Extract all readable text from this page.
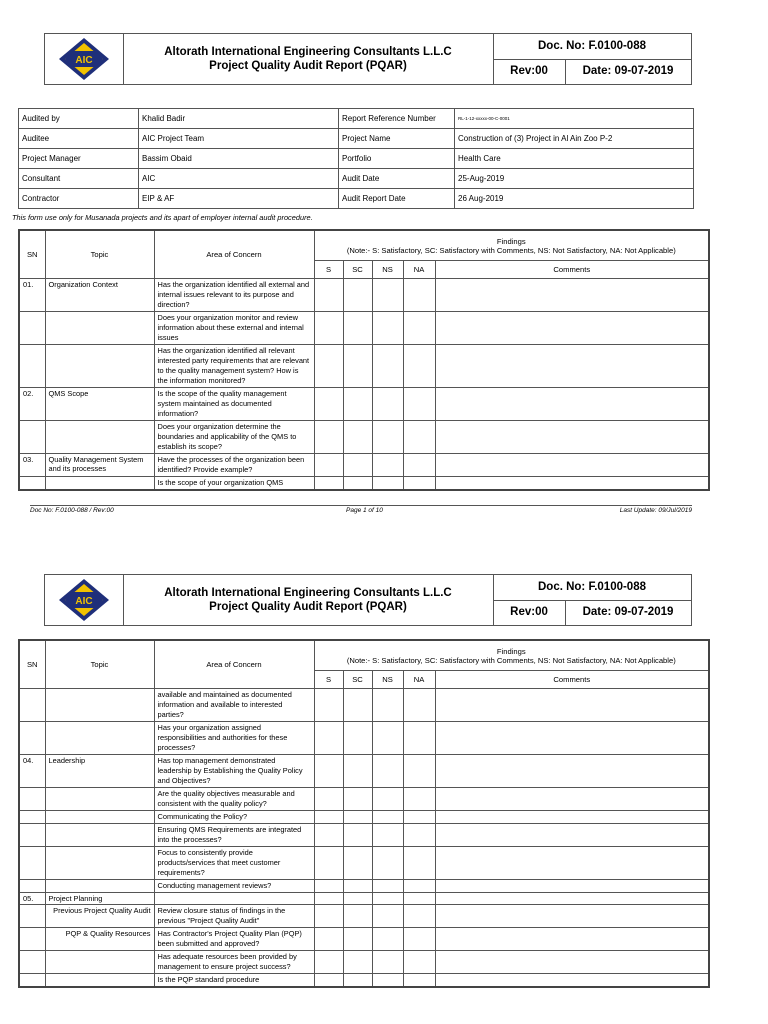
AIC
Altorath International Engineering Consultants L.L.C
Project Quality Audit Report (PQAR)
Doc. No: F.0100-088
Rev:00	Date: 09-07-2019
Audited by	Khalid Badir	Report Reference Number	RL-1-12-xxxxx-00-C-0001
Auditee	AIC Project Team	Project Name	Construction of (3) Project in Al Ain Zoo P-2
Project Manager	Bassim Obaid	Portfolio	Health Care
Consultant	AIC	Audit Date	25-Aug-2019
Contractor	EIP & AF	Audit Report Date	26 Aug-2019
This form use only for Musanada projects and its apart of employer internal audit procedure.
SN	Topic	Area of Concern	Findings
(Note:- S: Satisfactory, SC: Satisfactory with Comments, NS: Not Satisfactory, NA: Not Applicable)				

			S	SC	NS	NA	Comments
01.	Organization Context	Has the organization identified all external and internal issues relevant to its purpose and direction?					
		Does your organization monitor and review information about these external and internal issues					
		Has the organization identified all relevant interested party requirements that are relevant to the quality management system? How is the information monitored?					
02.	QMS Scope	Is the scope of the quality management system maintained as documented information?					
		Does your organization determine the boundaries and applicability of the QMS to establish its scope?					
03.	Quality Management System and its processes	Have the processes of the organization been identified? Provide example?					
		Is the scope of your organization QMS					
Doc No: F.0100-088 / Rev:00	Page 1 of 10	Last Update: 09/Jul/2019
AIC
Altorath International Engineering Consultants L.L.C
Project Quality Audit Report (PQAR)
Doc. No: F.0100-088
Rev:00	Date: 09-07-2019
SN	Topic	Area of Concern	Findings
(Note:- S: Satisfactory, SC: Satisfactory with Comments, NS: Not Satisfactory, NA: Not Applicable)				

			S	SC	NS	NA	Comments
		available and maintained as documented information and available to interested parties?					
		Has your organization assigned responsibilities and authorities for these processes?					
04.	Leadership	Has top management demonstrated leadership by Establishing the Quality Policy and Objectives?					
		Are the quality objectives measurable and consistent with the quality policy?					
		Communicating the Policy?					
		Ensuring QMS Requirements are integrated into the processes?					
		Focus to consistently provide products/services that meet customer requirements?					
		Conducting management reviews?					
05.	Project Planning						
	Previous Project Quality Audit	Review closure status of findings in the previous "Project Quality Audit"					
	PQP & Quality Resources	Has Contractor's Project Quality Plan (PQP) been submitted and approved?					
		Has adequate resources been provided by management to ensure project success?					
		Is the PQP standard procedure					
